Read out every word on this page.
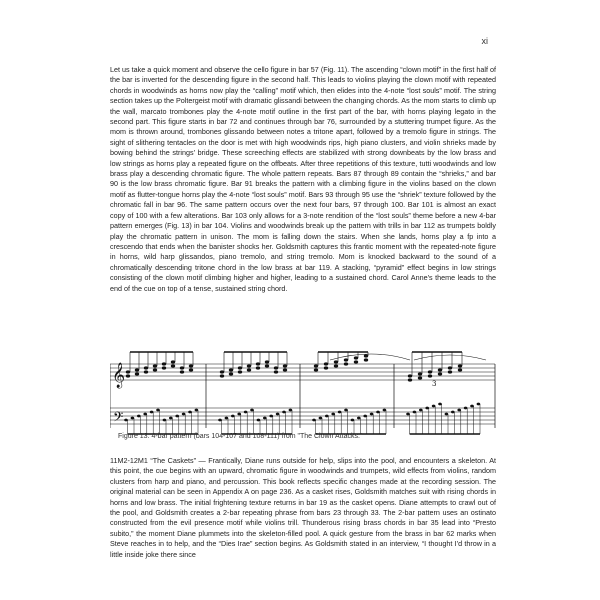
xi

Let us take a quick moment and observe the cello figure in bar 57 (Fig. 11). The ascending “clown motif” in the first half of the bar is inverted for the descending figure in the second half. This leads to violins playing the clown motif with repeated chords in woodwinds as horns now play the “calling” motif which, then elides into the 4-note “lost souls” motif. The string section takes up the Poltergeist motif with dramatic glissandi between the changing chords. As the mom starts to climb up the wall, marcato trombones play the 4-note motif outline in the first part of the bar, with horns playing legato in the second part. This figure starts in bar 72 and continues through bar 76, surrounded by a stuttering trumpet figure. As the mom is thrown around, trombones glissando between notes a tritone apart, followed by a tremolo figure in strings. The sight of slithering tentacles on the door is met with high woodwinds rips, high piano clusters, and violin shrieks made by bowing behind the strings’ bridge. These screeching effects are stabilized with strong downbeats by the low brass and low strings as horns play a repeated figure on the offbeats. After three repetitions of this texture, tutti woodwinds and low brass play a descending chromatic figure. The whole pattern repeats. Bars 87 through 89 contain the “shrieks,” and bar 90 is the low brass chromatic figure. Bar 91 breaks the pattern with a climbing figure in the violins based on the clown motif as flutter-tongue horns play the 4-note “lost souls” motif. Bars 93 through 95 use the “shriek” texture followed by the chromatic fall in bar 96. The same pattern occurs over the next four bars, 97 through 100. Bar 101 is almost an exact copy of 100 with a few alterations. Bar 103 only allows for a 3-note rendition of the “lost souls” theme before a new 4-bar pattern emerges (Fig. 13) in bar 104. Violins and woodwinds break up the pattern with trills in bar 112 as trumpets boldly play the chromatic pattern in unison. The mom is falling down the stairs. When she lands, horns play a fp into a crescendo that ends when the banister shocks her. Goldsmith captures this frantic moment with the repeated-note figure in horns, wild harp glissandos, piano tremolo, and string tremolo. Mom is knocked backward to the sound of a chromatically descending tritone chord in the low brass at bar 119. A stacking, “pyramid” effect begins in low strings consisting of the clown motif climbing higher and higher, leading to a sustained chord. Carol Anne’s theme leads to the end of the cue on top of a tense, sustained string chord.

𝄞
𝄢
3
Figure 13. 4-bar pattern (bars 104-107 and 108-111) from "The Clown Attacks."

11M2-12M1 “The Caskets” — Frantically, Diane runs outside for help, slips into the pool, and encounters a skeleton. At this point, the cue begins with an upward, chromatic figure in woodwinds and trumpets, wild effects from violins, random clusters from harp and piano, and percussion. This book reflects specific changes made at the recording session. The original material can be seen in Appendix A on page 236. As a casket rises, Goldsmith matches suit with rising chords in horns and low brass. The initial frightening texture returns in bar 19 as the casket opens. Diane attempts to crawl out of the pool, and Goldsmith creates a 2-bar repeating phrase from bars 23 through 33. The 2-bar pattern uses an ostinato constructed from the evil presence motif while violins trill. Thunderous rising brass chords in bar 35 lead into “Presto subito,” the moment Diane plummets into the skeleton-filled pool. A quick gesture from the brass in bar 62 marks when Steve reaches in to help, and the “Dies Irae” section begins. As Goldsmith stated in an interview, “I thought I’d throw in a little inside joke there since
